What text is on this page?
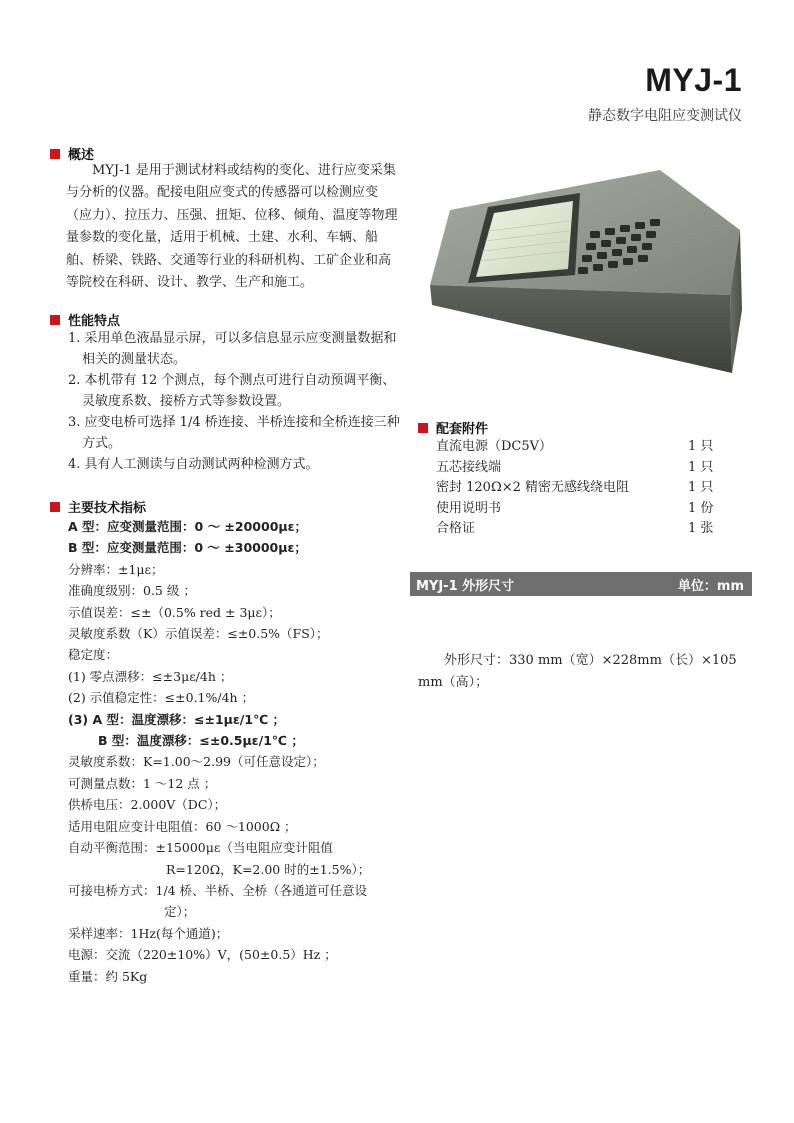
MYJ-1
静态数字电阻应变测试仪
概述
MYJ-1 是用于测试材料或结构的变化、进行应变采集与分析的仪器。配接电阻应变式的传感器可以检测应变（应力）、拉压力、压强、扭矩、位移、倾角、温度等物理量参数的变化量，适用于机械、土建、水利、车辆、船舶、桥梁、铁路、交通等行业的科研机构、工矿企业和高等院校在科研、设计、教学、生产和施工。
性能特点
1. 采用单色液晶显示屏，可以多信息显示应变测量数据和相关的测量状态。
2. 本机带有 12 个测点，每个测点可进行自动预调平衡、灵敏度系数、接桥方式等参数设置。
3. 应变电桥可选择 1/4 桥连接、半桥连接和全桥连接三种方式。
4. 具有人工测读与自动测试两种检测方式。
主要技术指标
A 型：应变测量范围：0 ～ ±20000με；
B 型：应变测量范围：0 ～ ±30000με；
分辨率：±1με；
准确度级别：0.5 级 ；
示值误差：≤±（0.5% red ± 3με）；
灵敏度系数（K）示值误差：≤±0.5%（FS）；
稳定度：
(1) 零点漂移：≤±3με/4h ；
(2) 示值稳定性：≤±0.1%/4h ；
(3) A 型：温度漂移：≤±1με/1℃ ；
B 型：温度漂移：≤±0.5με/1℃ ；
灵敏度系数：K=1.00～2.99（可任意设定）；
可测量点数：1 ～12 点 ；
供桥电压：2.000V（DC）；
适用电阻应变计电阻值：60 ～1000Ω ；
自动平衡范围：±15000με（当电阻应变计阻值
R=120Ω，K=2.00 时的±1.5%）；
可接电桥方式：1/4 桥、半桥、全桥（各通道可任意设
定）；
采样速率：1Hz(每个通道)；
电源：交流（220±10%）V，(50±0.5）Hz ；
重量：约 5Kg
配套附件
直流电源（DC5V）	1 只
五芯接线端	1 只
密封 120Ω×2 精密无感线绕电阻	1 只
使用说明书	1 份
合格证	1 张
MYJ-1 外形尺寸	单位：mm
外形尺寸：330 mm（宽）×228mm（长）×105 mm（高）；
